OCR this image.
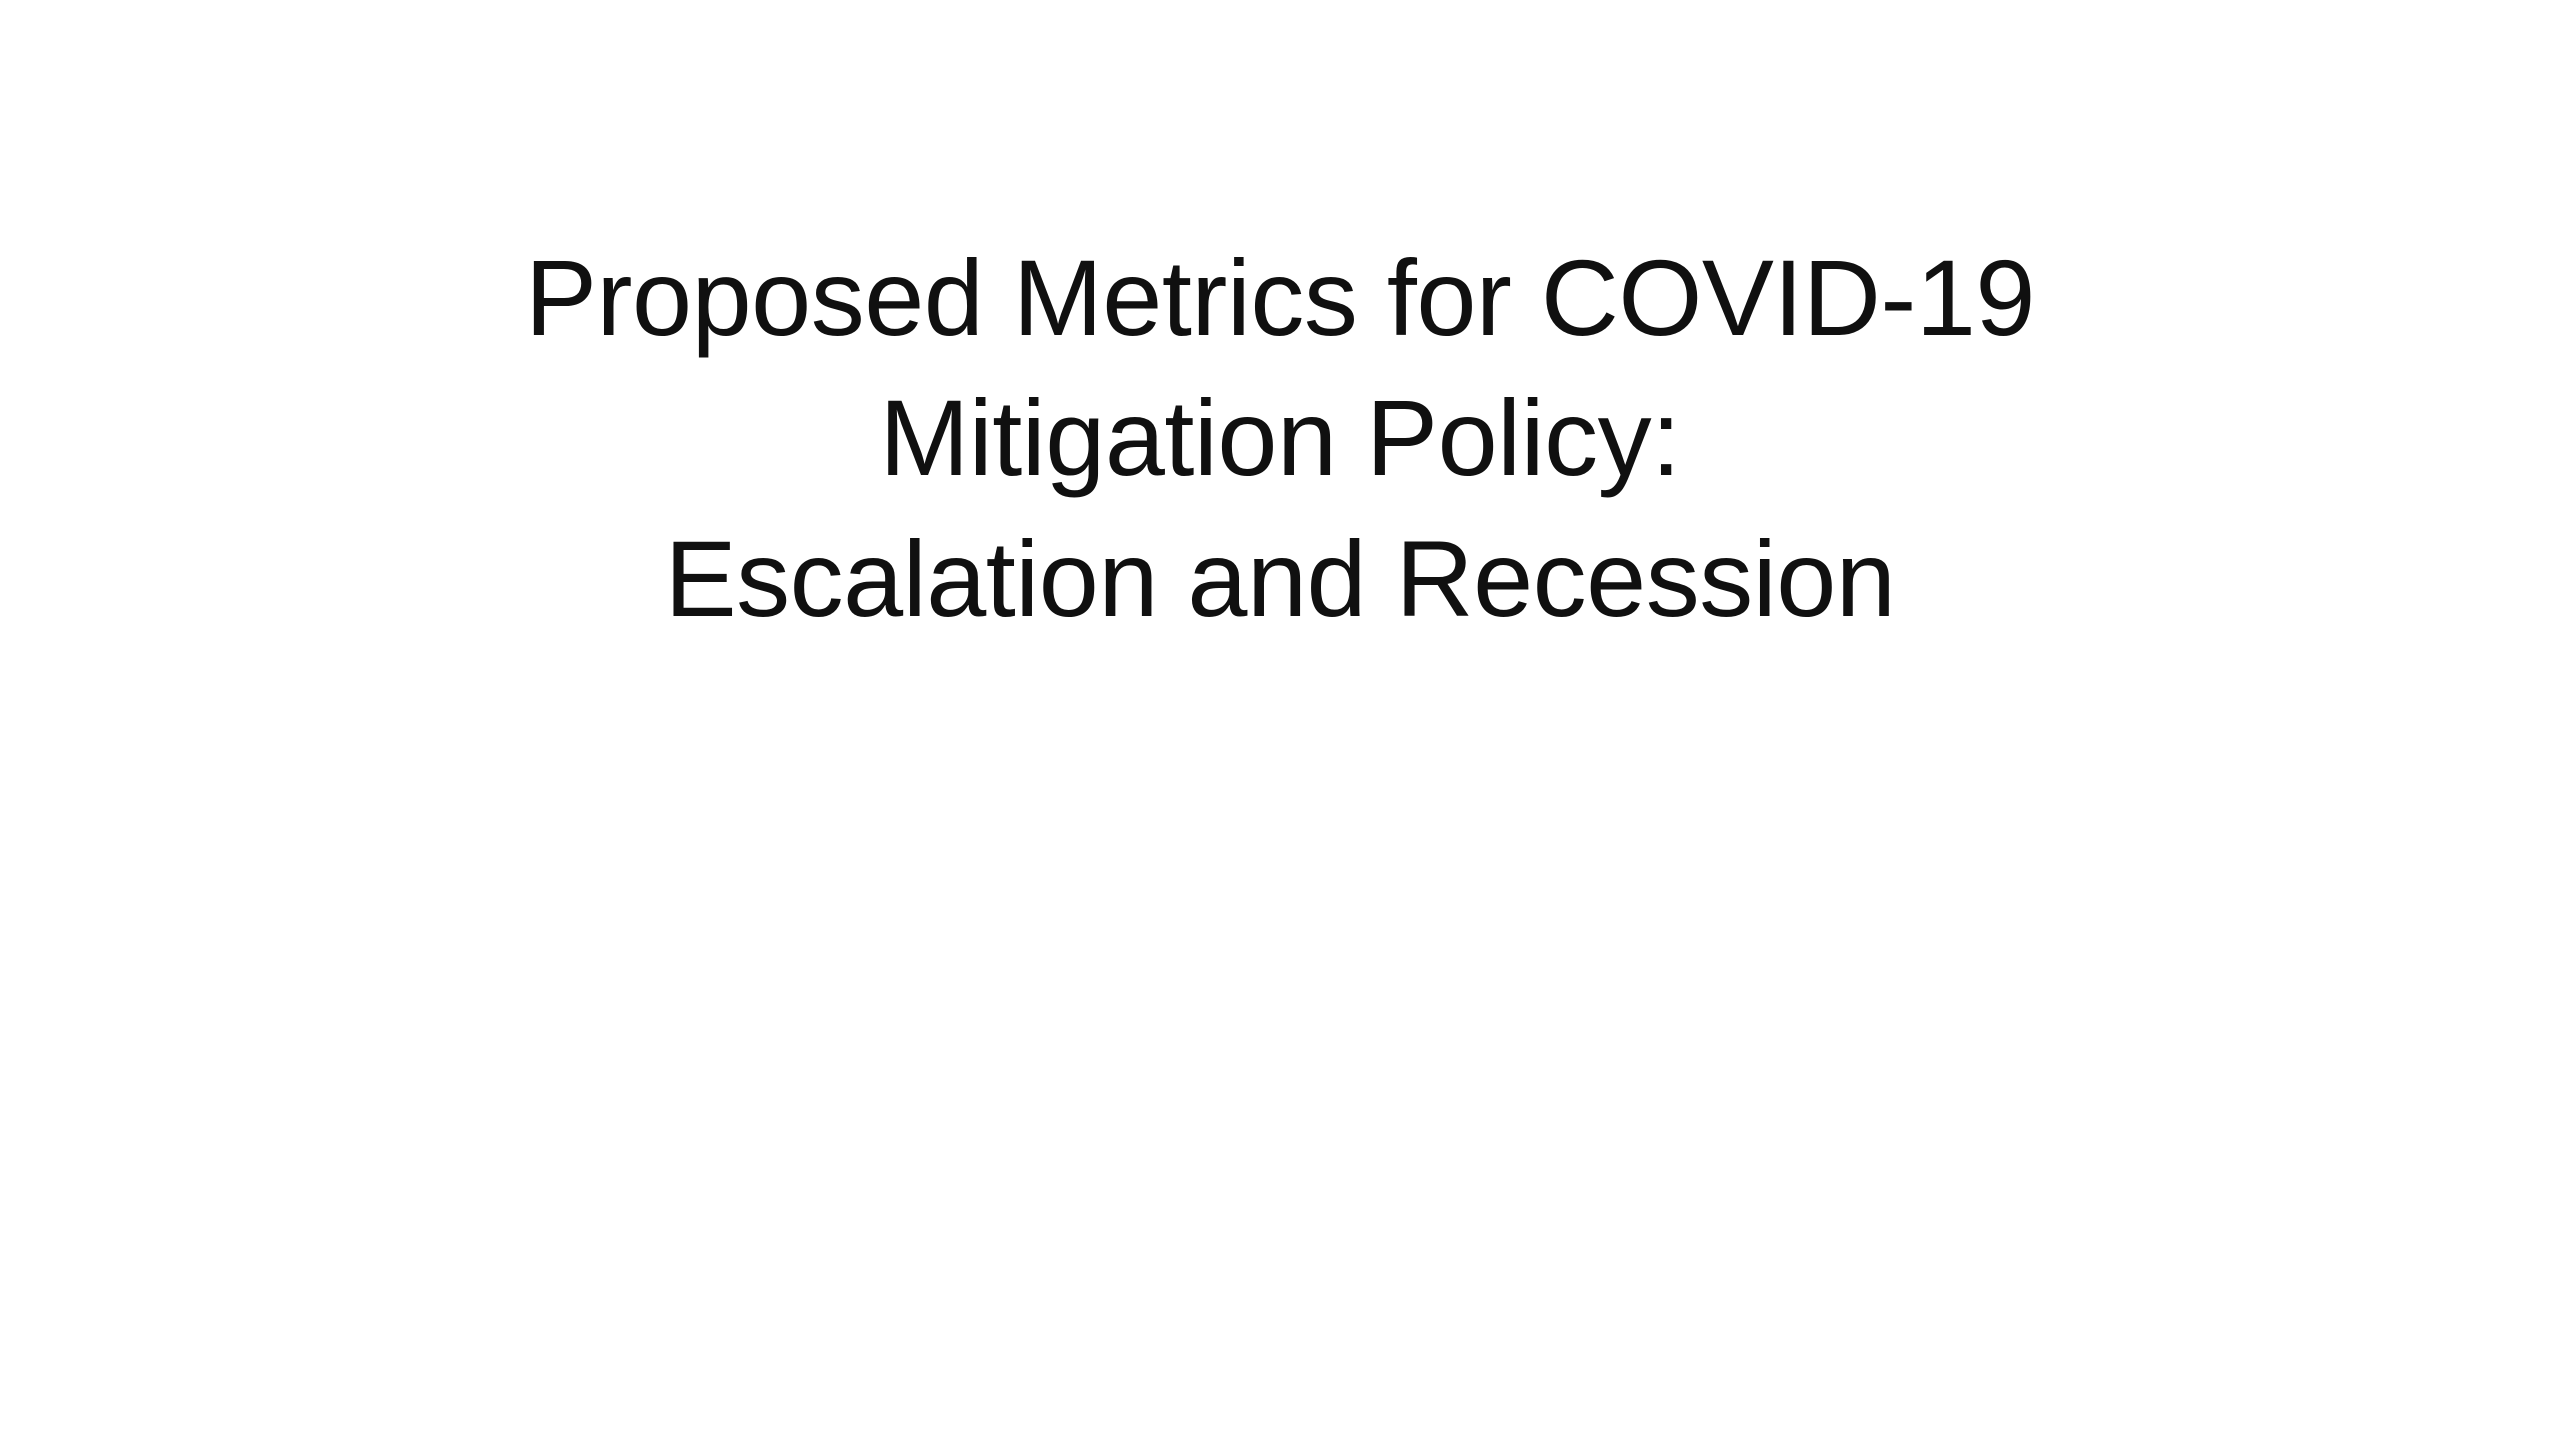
Proposed Metrics for COVID-19
Mitigation Policy:
Escalation and Recession
